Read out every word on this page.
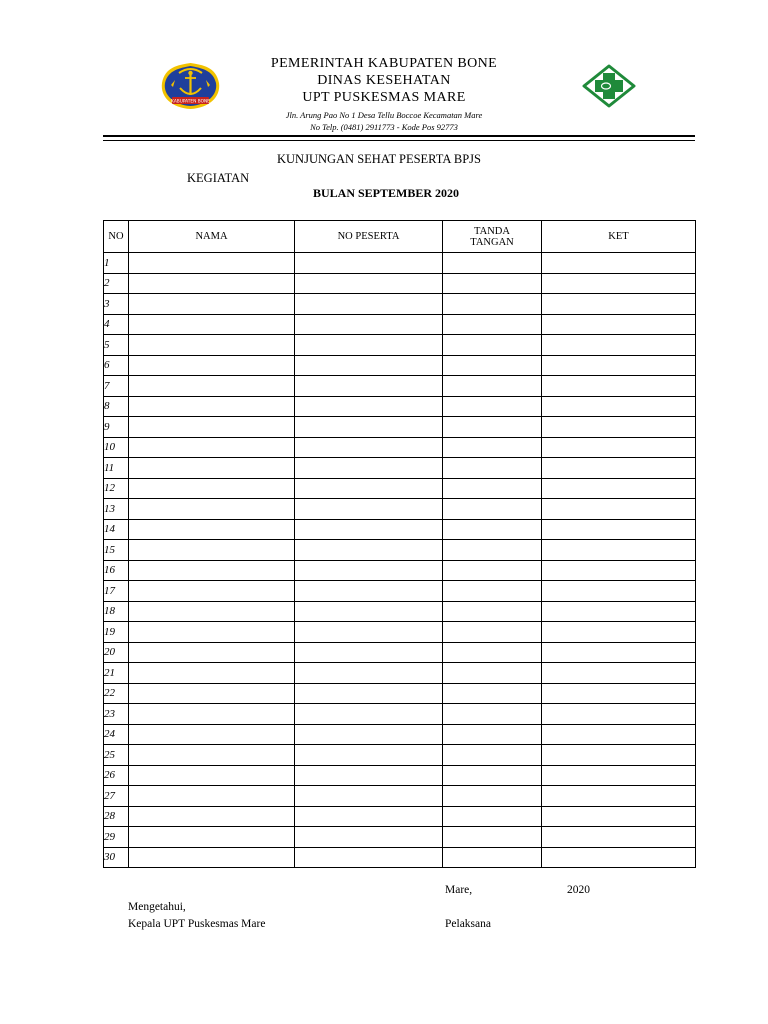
KABUPATEN BONE
PEMERINTAH KABUPATEN BONE
DINAS KESEHATAN
UPT PUSKESMAS MARE
Jln. Arung Pao No 1 Desa Tellu Boccoe Kecamatan Mare
No Telp. (0481) 2911773 - Kode Pos 92773
KUNJUNGAN SEHAT PESERTA BPJS
KEGIATAN
BULAN SEPTEMBER 2020
NO	NAMA	NO PESERTA	TANDA TANGAN	KET
1				
2				
3				
4				
5				
6				
7				
8				
9				
10				
11				
12				
13				
14				
15				
16				
17				
18				
19				
20				
21				
22				
23				
24				
25				
26				
27				
28				
29				
30				
Mare,	2020
Mengetahui,
Kepala UPT Puskesmas Mare	Pelaksana
